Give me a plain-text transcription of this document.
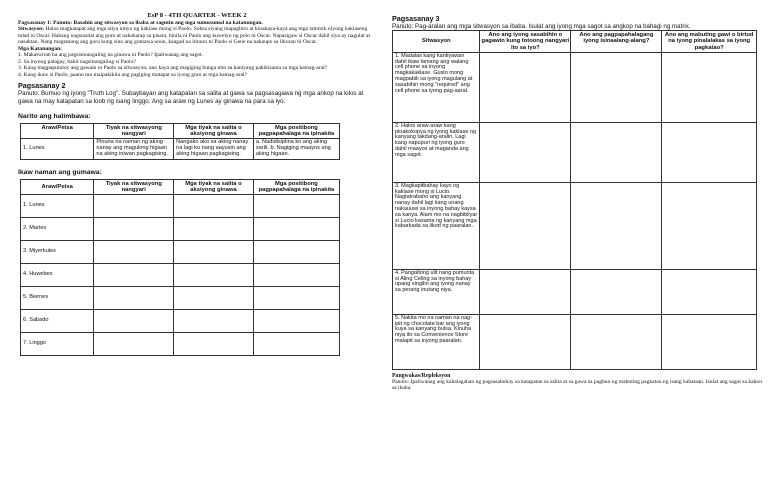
EsP 8 - 4TH QUARTER - WEEK 2

Pagsasanay 1: Panuto: Basahin ang sitwasyon sa ibaba at sagutin ang mga sumusunod na katanungan.

Sitwasyon: Halos magkatapat ang mga silya ninyo ng kaklase mong si Paolo. Sobra siyang mapagbiro at kinakaya-kaya ang mga tahimik niyong kaklaseng tulad ni Oscar. Habang nagsusulat ang guro at nakaharap sa pisara, hinila ni Paolo ang kuwelyo ng polo ni Oscar. Napasigaw si Oscar dahil siya ay nagulat at nasaktan. Nang magtanong ang guro kung sino ang gumawa noon, kaagad na itinuro ni Paolo si Gene na nakaupo sa likuran ni Oscar.

Mga Katanungan:

1. Makatwiran ba ang pagsisinungaling na ginawa ni Paolo? Ipaliwanag ang sagot.

2. Sa inyong palagay, bakit nagsinungaling si Paolo?

3. Kung magpaputuloy ang gawain ni Paolo sa sitwasyon, ano kaya ang magiging bunga nito sa kaniyang pakikisama sa mga kamag-aral?

4. Kung ikaw si Paolo, paano mo maipakikita ang pagiging matapat sa iyong guro at mga kamag-aral?

Pagsasanay 2

Panuto: Bumuo ng iyong "Truth Log". Subaybayan ang katapatan sa salita at gawa sa pagsasagawa ng mga ankop na kilos at gawa na may katapatan sa loob ng isang linggo. Ang sa araw ng Lunes ay ginawa na para sa iyo.

Narito ang halimbawa:

Araw/Petsa	Tiyak na sitwasyong nangyari	Mga tiyak na salita o aksiyong ginawa	Mga positibong pagpapahalaga na ipinakita
1. Lunes	Pinuna na naman ng aking nanay ang magulong higaan na aking iniwan pagkagising.	Nangako ako sa aking nanay na lagi ko nang aayusin ang aking higaan pagkagising.	a. Nadidisiplina ko ang aking sarili. b. Nagiging maayos ang aking higaan.

Ikaw naman ang gumawa:

Araw/Petsa	Tiyak na sitwasyong nangyari	Mga tiyak na salita o aksiyong ginawa	Mga positibong pagpapahalaga na ipinakita
1. Lunes			
2. Martes			
3. Miyerkules			
4. Huwebes			
5. Biernes			
6. Sabado			
7. Linggo			

Pagsasanay 3

Panuto: Pag-aralan ang mga sitwasyon sa ibaba. Isulat ang iyong mga sagot sa angkop na bahagi ng matrix.

Sitwasyon	Ano ang iyong sasabihin o gagawin kung totoong nangyari ito sa iyo?	Ano ang pagpapahalagang iyong isinaalang-alang?	Ano ang mabuting gawi o birtud na iyong pinalalakas sa iyong pagkatao?
1. Madalas kang kantiyawan dahil ikaw lamang ang walang cell phone sa inyong magkakaklase. Gusto mong magpabili sa iyong magulang at sasabihin mong "required" ang cell phone sa iyong pag-aaral.			
2. Halos araw-araw kang pinakokopya ng iyong kaklase ng kanyang takdang-aralin. Lagi kang napupuri ng iyong guro dahil maayos at maganda ang mga sagot.			
3. Magkapitbahay kayo ng kaklase mong si Lucio. Nagtatrabaho ang kanyang nanay dahil lagi kang unang nakauuwi sa inyong bahay kaysa sa kanya. Alam mo na nagbibilyar si Lucio kasama ng kanyang mga kabarkada sa likod ng paaralan.			
4. Pangatlong ulit nang pumunta si Aling Celing sa inyong bahay upang singilin ang iyong nanay sa perang inutang niya.			
5. Nakita mo na naman na nag-ipit ng chocolate bar ang iyong kuya sa kanyang bulsa. Kinuha niya ito sa Convenience Store malapit sa inyong paaralan.			

Pangwakas/Repleksyon

Panuto: Ipaliwanag ang kahalagahan ng pagsasabuhay sa katapatan sa salita at sa gawa sa pagbuo ng mabuting pagkatao ng isang kabataan. Isulat ang sagot sa kahon sa ibaba.
